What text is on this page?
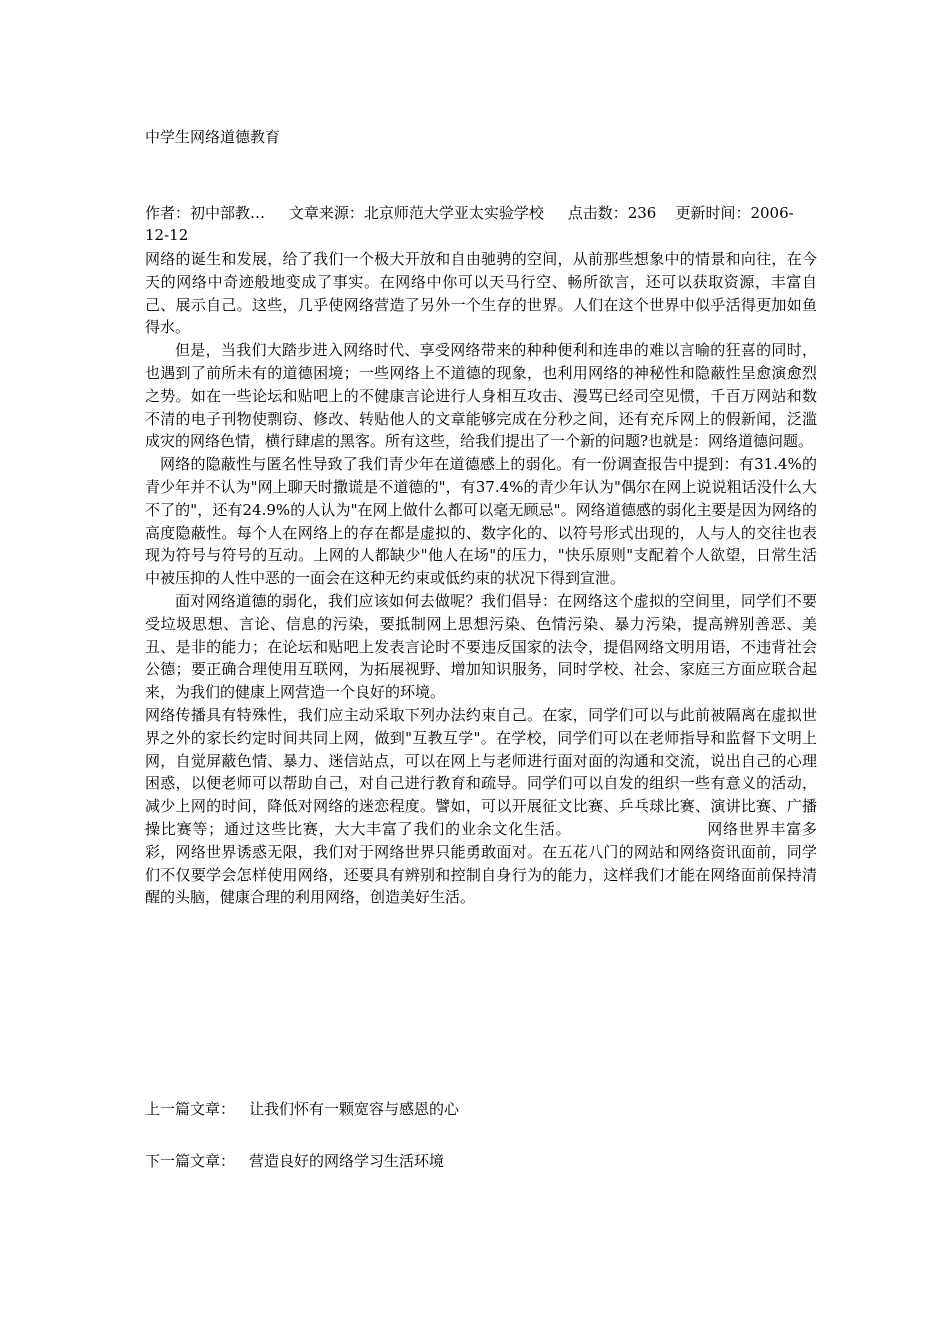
中学生网络道德教育
作者：初中部教… 文章来源：北京师范大学亚太实验学校 点击数：236 更新时间：2006-12-12

网络的诞生和发展，给了我们一个极大开放和自由驰骋的空间，从前那些想象中的情景和向往，在今天的网络中奇迹般地变成了事实。在网络中你可以天马行空、畅所欲言，还可以获取资源，丰富自己、展示自己。这些，几乎使网络营造了另外一个生存的世界。人们在这个世界中似乎活得更加如鱼得水。

但是，当我们大踏步进入网络时代、享受网络带来的种种便利和连串的难以言喻的狂喜的同时，也遇到了前所未有的道德困境；一些网络上不道德的现象，也利用网络的神秘性和隐蔽性呈愈演愈烈之势。如在一些论坛和贴吧上的不健康言论进行人身相互攻击、漫骂已经司空见惯，千百万网站和数不清的电子刊物使剽窃、修改、转贴他人的文章能够完成在分秒之间，还有充斥网上的假新闻，泛滥成灾的网络色情，横行肆虐的黑客。所有这些，给我们提出了一个新的问题?也就是：网络道德问题。

网络的隐蔽性与匿名性导致了我们青少年在道德感上的弱化。有一份调查报告中提到：有31.4%的青少年并不认为"网上聊天时撒谎是不道德的"，有37.4%的青少年认为"偶尔在网上说说粗话没什么大不了的"，还有24.9%的人认为"在网上做什么都可以毫无顾忌"。网络道德感的弱化主要是因为网络的高度隐蔽性。每个人在网络上的存在都是虚拟的、数字化的、以符号形式出现的，人与人的交往也表现为符号与符号的互动。上网的人都缺少"他人在场"的压力，"快乐原则"支配着个人欲望，日常生活中被压抑的人性中恶的一面会在这种无约束或低约束的状况下得到宣泄。

面对网络道德的弱化，我们应该如何去做呢？我们倡导：在网络这个虚拟的空间里，同学们不要受垃圾思想、言论、信息的污染，要抵制网上思想污染、色情污染、暴力污染，提高辨别善恶、美丑、是非的能力；在论坛和贴吧上发表言论时不要违反国家的法令，提倡网络文明用语，不违背社会公德；要正确合理使用互联网，为拓展视野、增加知识服务，同时学校、社会、家庭三方面应联合起来，为我们的健康上网营造一个良好的环境。

网络传播具有特殊性，我们应主动采取下列办法约束自己。在家，同学们可以与此前被隔离在虚拟世界之外的家长约定时间共同上网，做到"互教互学"。在学校，同学们可以在老师指导和监督下文明上网，自觉屏蔽色情、暴力、迷信站点，可以在网上与老师进行面对面的沟通和交流，说出自己的心理困惑，以便老师可以帮助自己，对自己进行教育和疏导。同学们可以自发的组织一些有意义的活动，减少上网的时间，降低对网络的迷恋程度。譬如，可以开展征文比赛、乒乓球比赛、演讲比赛、广播操比赛等；通过这些比赛，大大丰富了我们的业余文化生活。	网络世界丰富多彩，网络世界诱惑无限，我们对于网络世界只能勇敢面对。在五花八门的网站和网络资讯面前，同学们不仅要学会怎样使用网络，还要具有辨别和控制自身行为的能力，这样我们才能在网络面前保持清醒的头脑，健康合理的利用网络，创造美好生活。
上一篇文章： 让我们怀有一颗宽容与感恩的心
下一篇文章： 营造良好的网络学习生活环境
